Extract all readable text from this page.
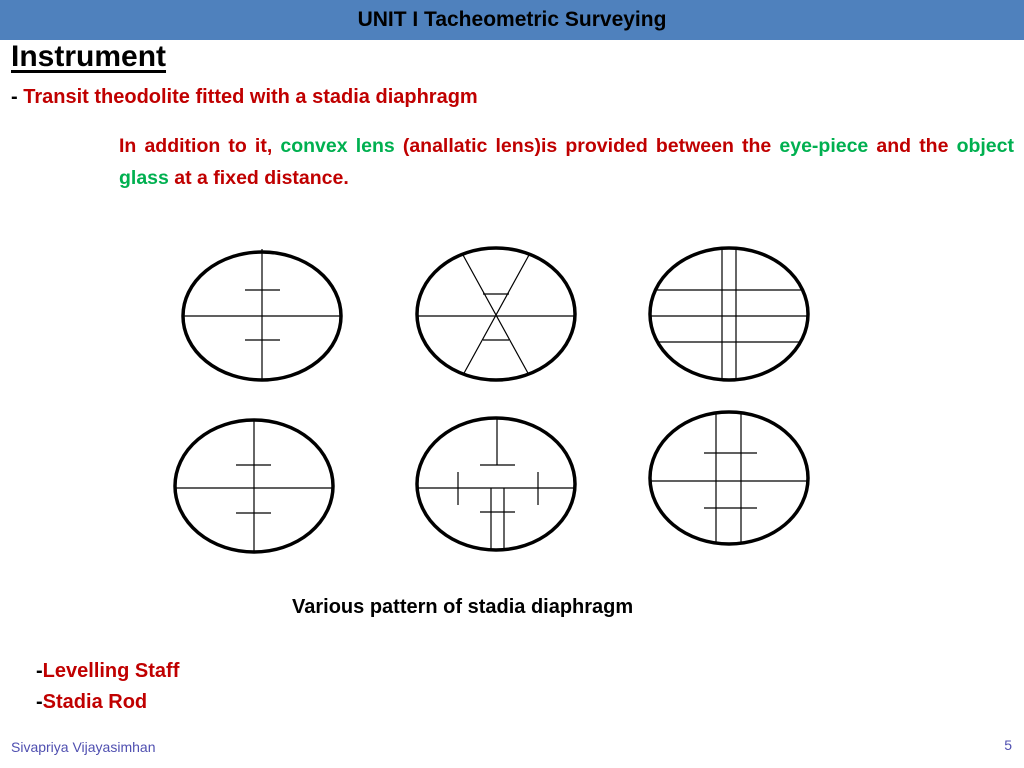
UNIT I Tacheometric Surveying
Instrument
- Transit theodolite fitted with a stadia diaphragm
In addition to it, convex lens (anallatic lens)is provided between the eye-piece and the object glass at a fixed distance.
Various pattern of stadia diaphragm
-Levelling Staff
-Stadia Rod
Sivapriya Vijayasimhan	5
